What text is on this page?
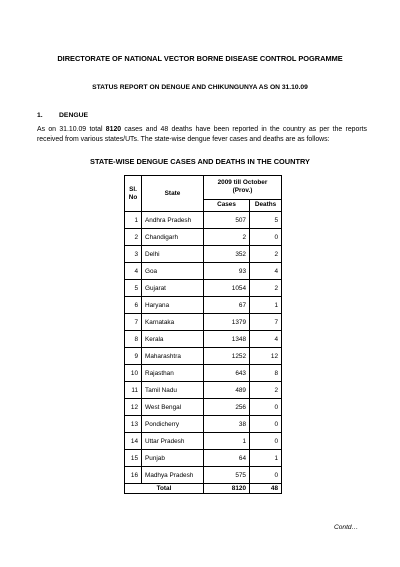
DIRECTORATE OF NATIONAL VECTOR BORNE DISEASE CONTROL POGRAMME
STATUS REPORT ON DENGUE AND CHIKUNGUNYA AS ON 31.10.09
1. DENGUE
As on 31.10.09 total 8120 cases and 48 deaths have been reported in the country as per the reports received from various states/UTs. The state-wise dengue fever cases and deaths are as follows:
STATE-WISE DENGUE CASES AND DEATHS IN THE COUNTRY
Sl. No	State	2009 till October (Prov.)	
		Cases	Deaths
1	Andhra Pradesh	507	5
2	Chandigarh	2	0
3	Delhi	352	2
4	Goa	93	4
5	Gujarat	1054	2
6	Haryana	67	1
7	Karnataka	1379	7
8	Kerala	1348	4
9	Maharashtra	1252	12
10	Rajasthan	643	8
11	Tamil Nadu	489	2
12	West Bengal	256	0
13	Pondicherry	38	0
14	Uttar Pradesh	1	0
15	Punjab	64	1
16	Madhya Pradesh	575	0
Total		8120	48
Contd…
